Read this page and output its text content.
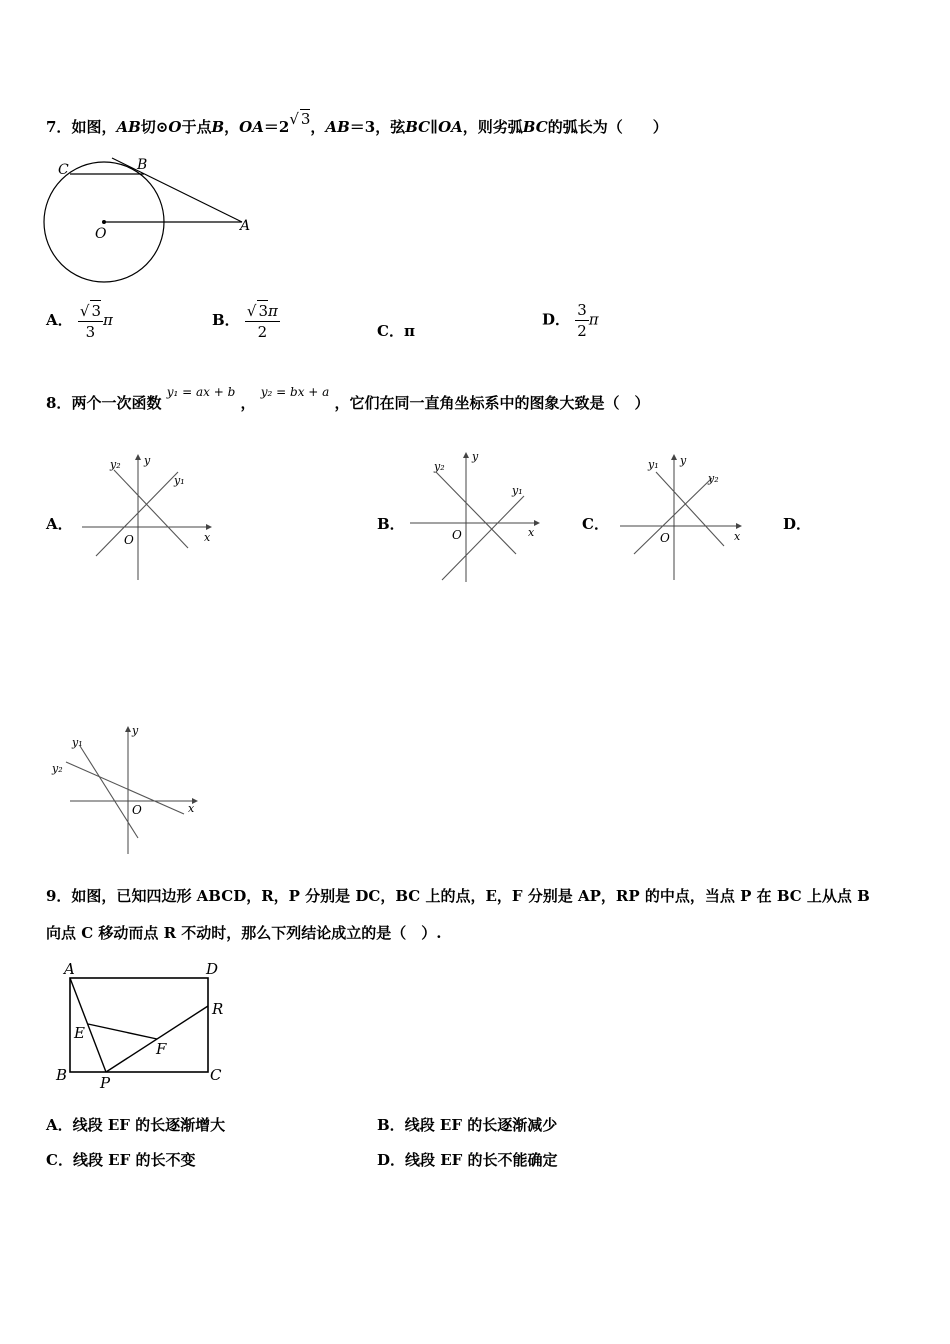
7．如图，AB切⊙O于点B，OA＝2√ 3，AB＝3，弦BC∥OA，则劣弧BC的弧长为（　　）
C	B
O	A
A． $\frac{√ 3}{3}$ π	B． $\frac{√ 3\pi}{2}$	C．π
D． $\frac{3}{2}$ π
8．两个一次函数 $^{y_1 = ax + b}$ ， $^{y_2 = bx + a}$ ，它们在同一直角坐标系中的图象大致是（　）
A．	B．	C．	D．
y
x
O
y₂
y₁
y
x
O
y₂
y₁
y
x
O
y₁
y₂
y
x
O
y₁
y₂
9．如图，已知四边形 ABCD，R，P 分别是 DC，BC 上的点，E，F 分别是 AP，RP 的中点，当点 P 在 BC 上从点 B
向点 C 移动而点 R 不动时，那么下列结论成立的是（　）.
A	D
R
E
F
B P	C
A．线段 EF 的长逐渐增大	B．线段 EF 的长逐渐减少
C．线段 EF 的长不变	D．线段 EF 的长不能确定
